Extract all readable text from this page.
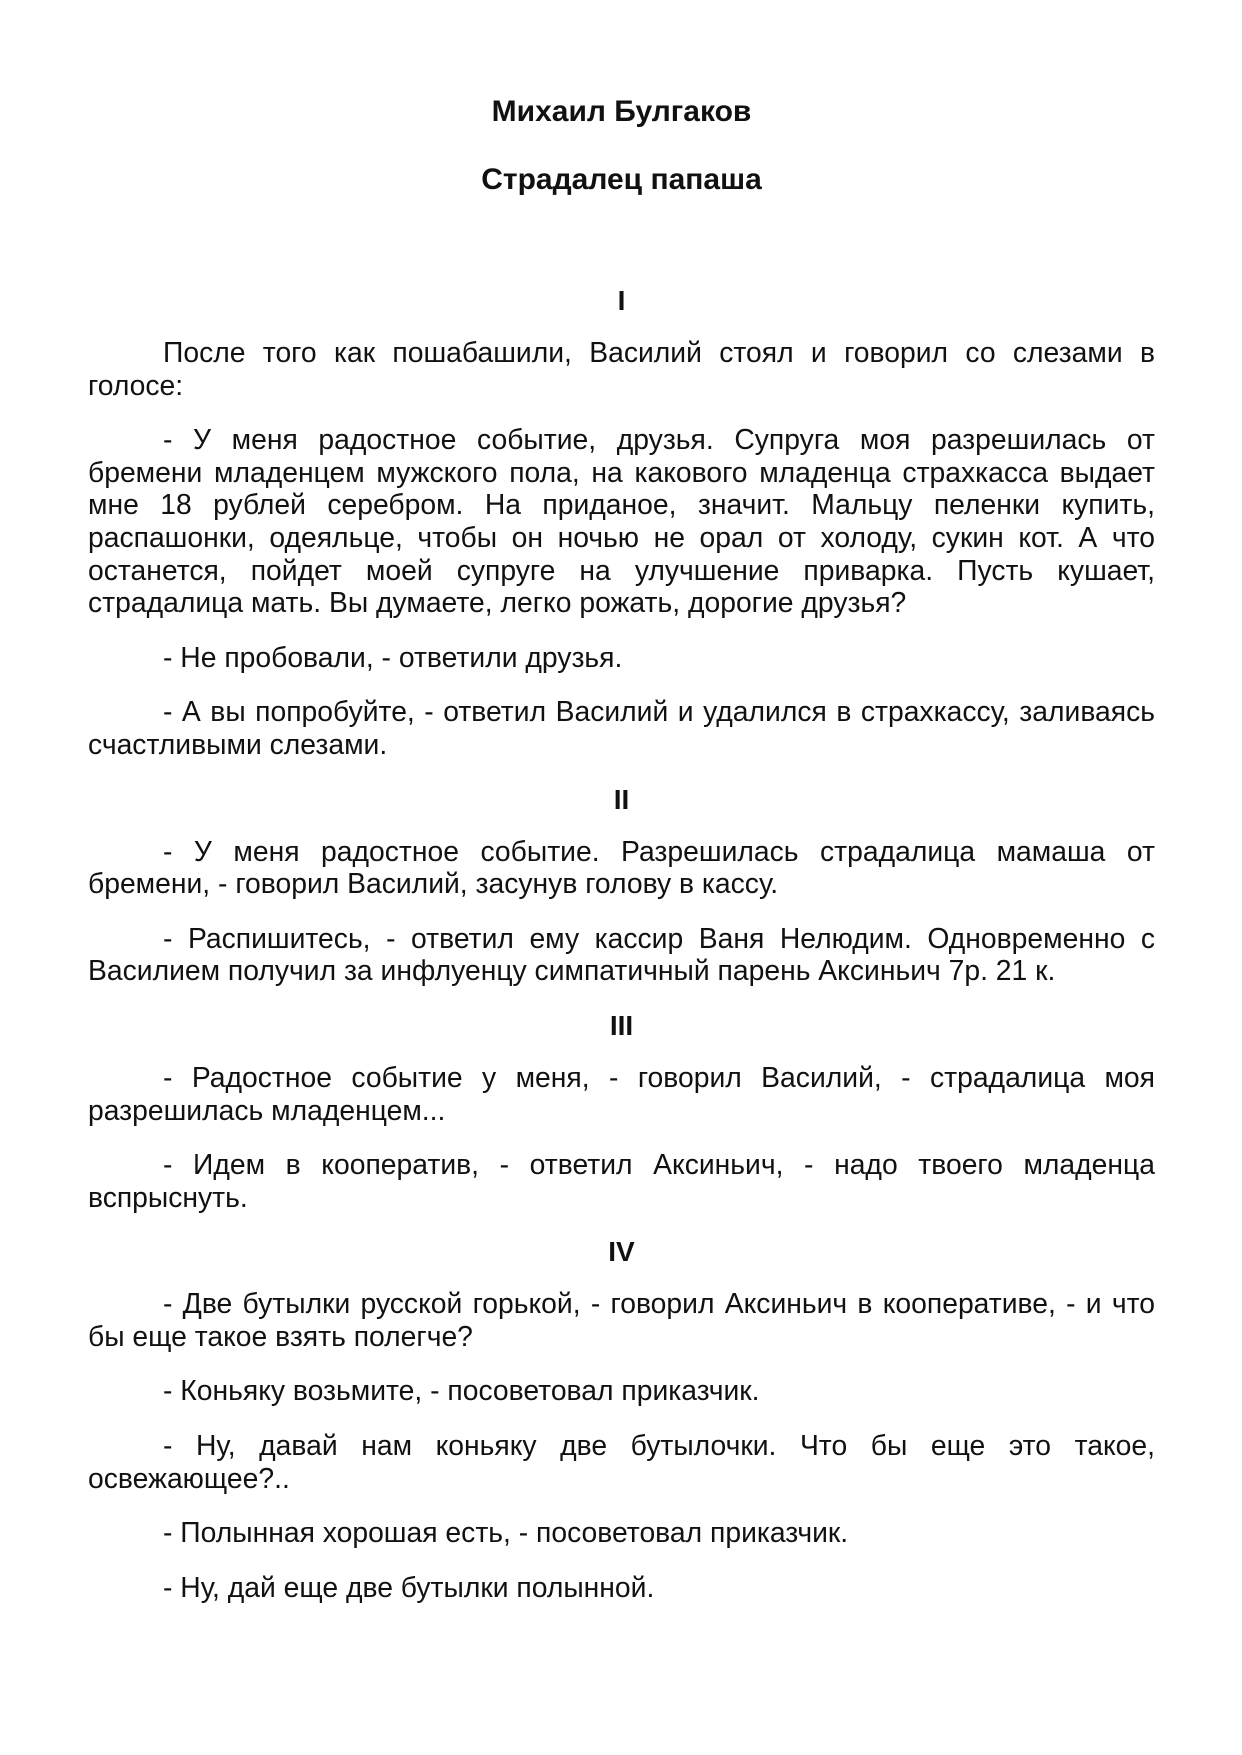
Михаил Булгаков
Страдалец папаша
I

После того как пошабашили, Василий стоял и говорил со слезами в голосе:

- У меня радостное событие, друзья. Супруга моя разрешилась от бремени младенцем мужского пола, на какового младенца страхкасса выдает мне 18 рублей серебром. На приданое, значит. Мальцу пеленки купить, распашонки, одеяльце, чтобы он ночью не орал от холоду, сукин кот. А что останется, пойдет моей супруге на улучшение приварка. Пусть кушает, страдалица мать. Вы думаете, легко рожать, дорогие друзья?

- Не пробовали, - ответили друзья.

- А вы попробуйте, - ответил Василий и удалился в страхкассу, заливаясь счастливыми слезами.

II

- У меня радостное событие. Разрешилась страдалица мамаша от бремени, - говорил Василий, засунув голову в кассу.

- Распишитесь, - ответил ему кассир Ваня Нелюдим. Одновременно с Василием получил за инфлуенцу симпатичный парень Аксиньич 7р. 21 к.

III

- Радостное событие у меня, - говорил Василий, - страдалица моя разрешилась младенцем...

- Идем в кооператив, - ответил Аксиньич, - надо твоего младенца вспрыснуть.

IV

- Две бутылки русской горькой, - говорил Аксиньич в кооперативе, - и что бы еще такое взять полегче?

- Коньяку возьмите, - посоветовал приказчик.

- Ну, давай нам коньяку две бутылочки. Что бы еще это такое, освежающее?..

- Полынная хорошая есть, - посоветовал приказчик.

- Ну, дай еще две бутылки полынной.
